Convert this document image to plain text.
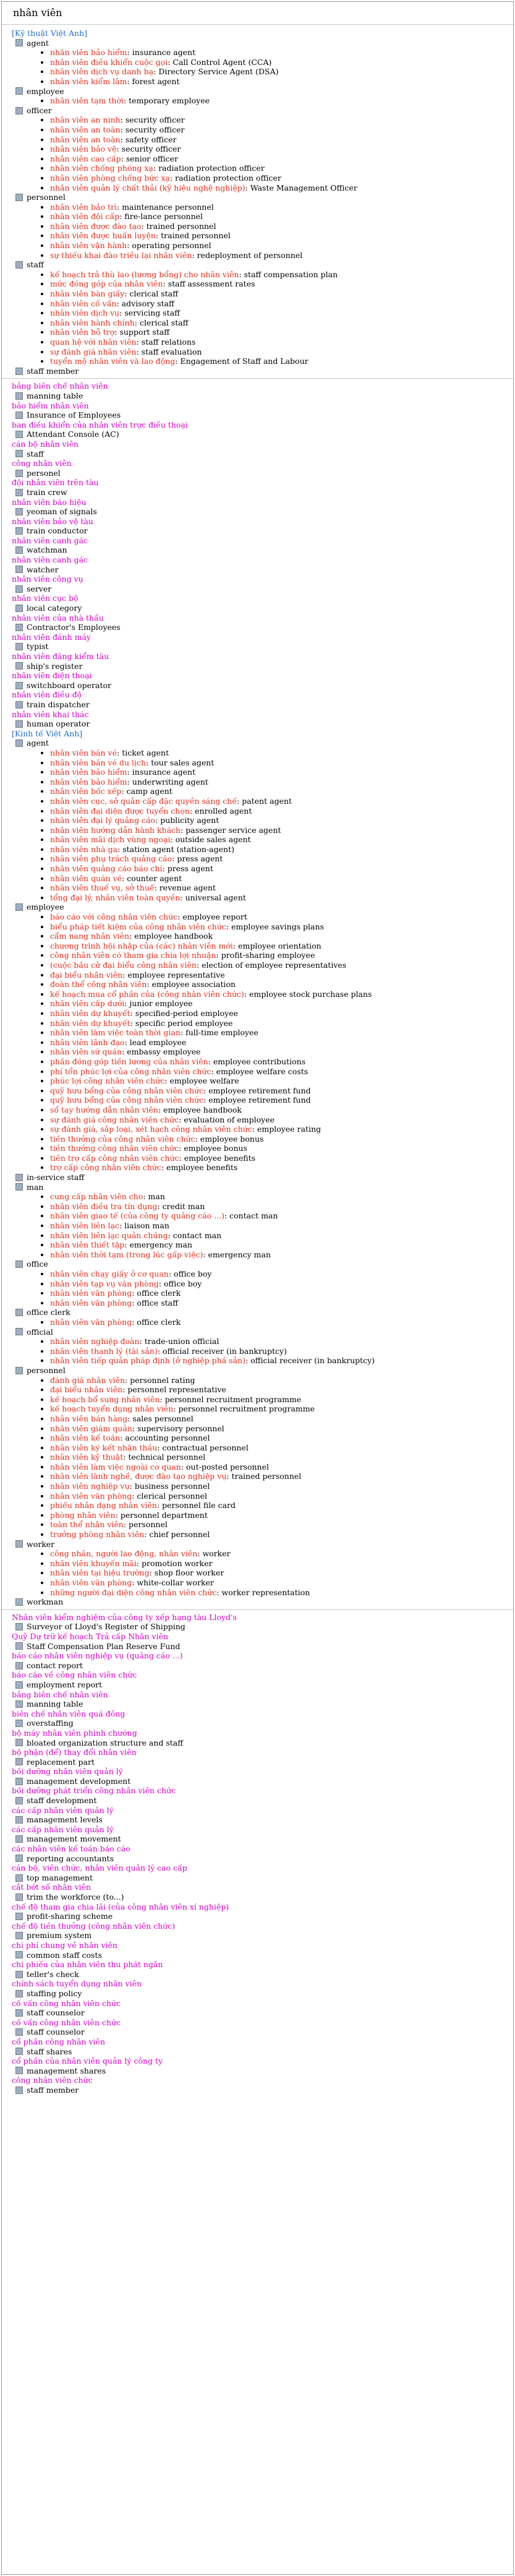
nhân viên
[Kỹ thuật Việt Anh]
agent
• nhân viên bảo hiểm: insurance agent
• nhân viên điều khiển cuộc gọi: Call Control Agent (CCA)
• nhân viên dịch vụ danh bạ: Directory Service Agent (DSA)
• nhân viên kiểm lâm: forest agent
employee
• nhân viên tạm thời: temporary employee
officer
• nhân viên an ninh: security officer
• nhân viên an toàn: security officer
• nhân viên an toàn: safety officer
• nhân viên bảo vệ: security officer
• nhân viên cao cấp: senior officer
• nhân viên chống phóng xạ: radiation protection officer
• nhân viên phòng chống bức xạ: radiation protection officer
• nhân viên quản lý chất thải (kỹ hiệu nghệ nghiệp): Waste Management Officer
personnel
• nhân viên bảo trì: maintenance personnel
• nhân viên đội cấp: fire-lance personnel
• nhân viên được đào tạo: trained personnel
• nhân viên được huấn luyện: trained personnel
• nhân viên vận hành: operating personnel
• sự thiếu khai đào triều lại nhân viên: redeployment of personnel
staff
• kế hoạch trả thù lao (lương bổng) cho nhân viên: staff compensation plan
• mức đóng góp của nhân viên: staff assessment rates
• nhân viên bàn giấy: clerical staff
• nhân viên cố vấn: advisory staff
• nhân viên dịch vụ: servicing staff
• nhân viên hành chính: clerical staff
• nhân viên hỗ trợ: support staff
• quan hệ với nhân viên: staff relations
• sự đánh giá nhân viên: staff evaluation
• tuyển mộ nhân viên và lao động: Engagement of Staff and Labour
staff member
bảng biên chế nhân viên
manning table
bảo hiểm nhân viên
Insurance of Employees
ban điều khiển của nhân viên trực điều thoại
Attendant Console (AC)
cán bộ nhân viên
staff
công nhân viên
personel
đội nhân viên trên tàu
train crew
nhân viên báo hiệu
yeoman of signals
nhân viên bảo vệ tàu
train conductor
nhân viên canh gác
watchman
nhân viên canh gác
watcher
nhân viên công vụ
server
nhân viên cục bộ
local category
nhân viên của nhà thầu
Contractor's Employees
nhân viên đánh máy
typist
nhân viên đăng kiểm tàu
ship's register
nhân viên điện thoại
switchboard operator
nhân viên điều độ
train dispatcher
nhân viên khai thác
human operator
[Kinh tế Việt Anh]
agent
• nhân viên bán vé: ticket agent
• nhân viên bán vé du lịch: tour sales agent
• nhân viên bảo hiểm: insurance agent
• nhân viên bảo hiểm: underwriting agent
• nhân viên bốc xếp: camp agent
• nhân viên cục, sở quản cấp đặc quyền sáng chế: patent agent
• nhân viên đại diện được tuyển chọn: enrolled agent
• nhân viên đại lý quảng cáo: publicity agent
• nhân viên hướng dẫn hành khách: passenger service agent
• nhân viên mãi dịch vùng ngoại: outside sales agent
• nhân viên nhà ga: station agent (station-agent)
• nhân viên phụ trách quảng cáo: press agent
• nhân viên quảng cáo báo chí: press agent
• nhân viên quán vé: counter agent
• nhân viên thuế vụ, sở thuế: revenue agent
• tổng đại lý, nhân viên toàn quyền: universal agent
employee
• báo cáo với công nhân viên chức: employee report
• biểu pháp tiết kiệm của công nhân viên chức: employee savings plans
• cẩm nang nhân viên: employee handbook
• chương trình hội nhập của (các) nhân viên mới: employee orientation
• công nhân viên có tham gia chia lợi nhuận: profit-sharing employee
• (cuộc bầu cử đại biểu công nhân viên: election of employee representatives
• đại biểu nhân viên: employee representative
• đoàn thể công nhân viên: employee association
• kế hoạch mua cổ phần của (công nhân viên chức): employee stock purchase plans
• nhân viên cấp dưới: junior employee
• nhân viên dự khuyết: specified-period employee
• nhân viên dự khuyết: specific period employee
• nhân viên làm việc toàn thời gian: full-time employee
• nhân viên lãnh đạo: lead employee
• nhân viên sứ quán: embassy employee
• phần đóng góp tiền lương của nhân viên: employee contributions
• phí tổn phúc lợi của công nhân viên chức: employee welfare costs
• phúc lợi công nhân viên chức: employee welfare
• quỹ hưu bổng của công nhân viên chức: employee retirement fund
• quỹ hưu bổng của công nhân viên chức: employee retirement fund
• sổ tay hướng dẫn nhân viên: employee handbook
• sự đánh giá công nhân viên chức: evaluation of employee
• sự đánh giá, sắp loại, xét hạch công nhân viên chức: employee rating
• tiền thưởng của công nhân viên chức: employee bonus
• tiền thưởng công nhân viên chức: employee bonus
• tiền trợ cấp công nhân viên chức: employee benefits
• trợ cấp công nhân viên chức: employee benefits
in-service staff
man
• cung cấp nhân viên cho: man
• nhân viên điều tra tín dụng: credit man
• nhân viên giao tế (của công ty quảng cáo ...): contact man
• nhân viên liên lạc: liaison man
• nhân viên liên lạc quản chúng: contact man
• nhân viên thiết tập: emergency man
• nhân viên thời tạm (trong lúc gấp việc): emergency man
office
• nhân viên chạy giấy ở cơ quan: office boy
• nhân viên tạp vụ văn phòng: office boy
• nhân viên văn phòng: office clerk
• nhân viên văn phòng: office staff
office clerk
• nhân viên văn phòng: office clerk
official
• nhân viên nghiệp đoàn: trade-union official
• nhân viên thanh lý (tài sản): official receiver (in bankruptcy)
• nhân viên tiếp quản pháp định (ở nghiệp phá sản): official receiver (in bankruptcy)
personnel
• đánh giá nhân viên: personnel rating
• đại biểu nhân viên: personnel representative
• kế hoạch bổ sung nhân viên: personnel recruitment programme
• kế hoạch tuyển dụng nhân viên: personnel recruitment programme
• nhân viên bán hàng: sales personnel
• nhân viên giám quản: supervisory personnel
• nhân viên kế toán: accounting personnel
• nhân viên ký kết nhận thầu: contractual personnel
• nhân viên kỹ thuật: technical personnel
• nhân viên làm việc ngoài cơ quan: out-posted personnel
• nhân viên lành nghề, được đào tạo nghiệp vụ: trained personnel
• nhân viên nghiệp vụ: business personnel
• nhân viên văn phòng: clerical personnel
• phiếu nhân dạng nhân viên: personnel file card
• phòng nhân viên: personnel department
• toàn thể nhân viên: personnel
• trưởng phòng nhân viên: chief personnel
worker
• công nhân, người lao động, nhân viên: worker
• nhân viên khuyến mãi: promotion worker
• nhân viên tại hiệu trường: shop floor worker
• nhân viên văn phòng: white-collar worker
• những người đại diện công nhân viên chức: worker representation
workman
Nhân viên kiểm nghiệm của công ty xếp hạng tàu Lloyd's
Surveyor of Lloyd's Register of Shipping
Quỹ Dự trữ kế hoạch Trả cấp Nhân viên
Staff Compensation Plan Reserve Fund
báo cáo nhân viên nghiệp vụ (quảng cáo ...)
contact report
báo cáo về công nhân viên chức
employment report
bảng biên chế nhân viên
manning table
biên chế nhân viên quá đông
overstaffing
bộ máy nhân viên phình chướng
bloated organization structure and staff
bộ phận (để) thay đổi nhân viên
replacement part
bồi dưỡng nhân viên quản lý
management development
bồi dưỡng phát triển công nhân viên chức
staff development
các cấp nhân viên quản lý
management levels
các cấp nhân viên quản lý
management movement
các nhân viên kế toán báo cáo
reporting accountants
cán bộ, viên chức, nhân viên quản lý cao cấp
top management
cắt bớt số nhân viên
trim the workforce (to...)
chế độ tham gia chia lãi (của công nhân viên xí nghiệp)
profit-sharing scheme
chế độ tiền thưởng (công nhân viên chức)
premium system
chi phí chung về nhân viên
common staff costs
chi phiếu của nhân viên thu phát ngân
teller's check
chính sách tuyển dụng nhân viên
staffing policy
cố vấn công nhân viên chức
staff counselor
cố vấn công nhân viên chức
staff counselor
cổ phần công nhân viên
staff shares
cổ phần của nhân viên quản lý công ty
management shares
công nhân viên chức
staff member
